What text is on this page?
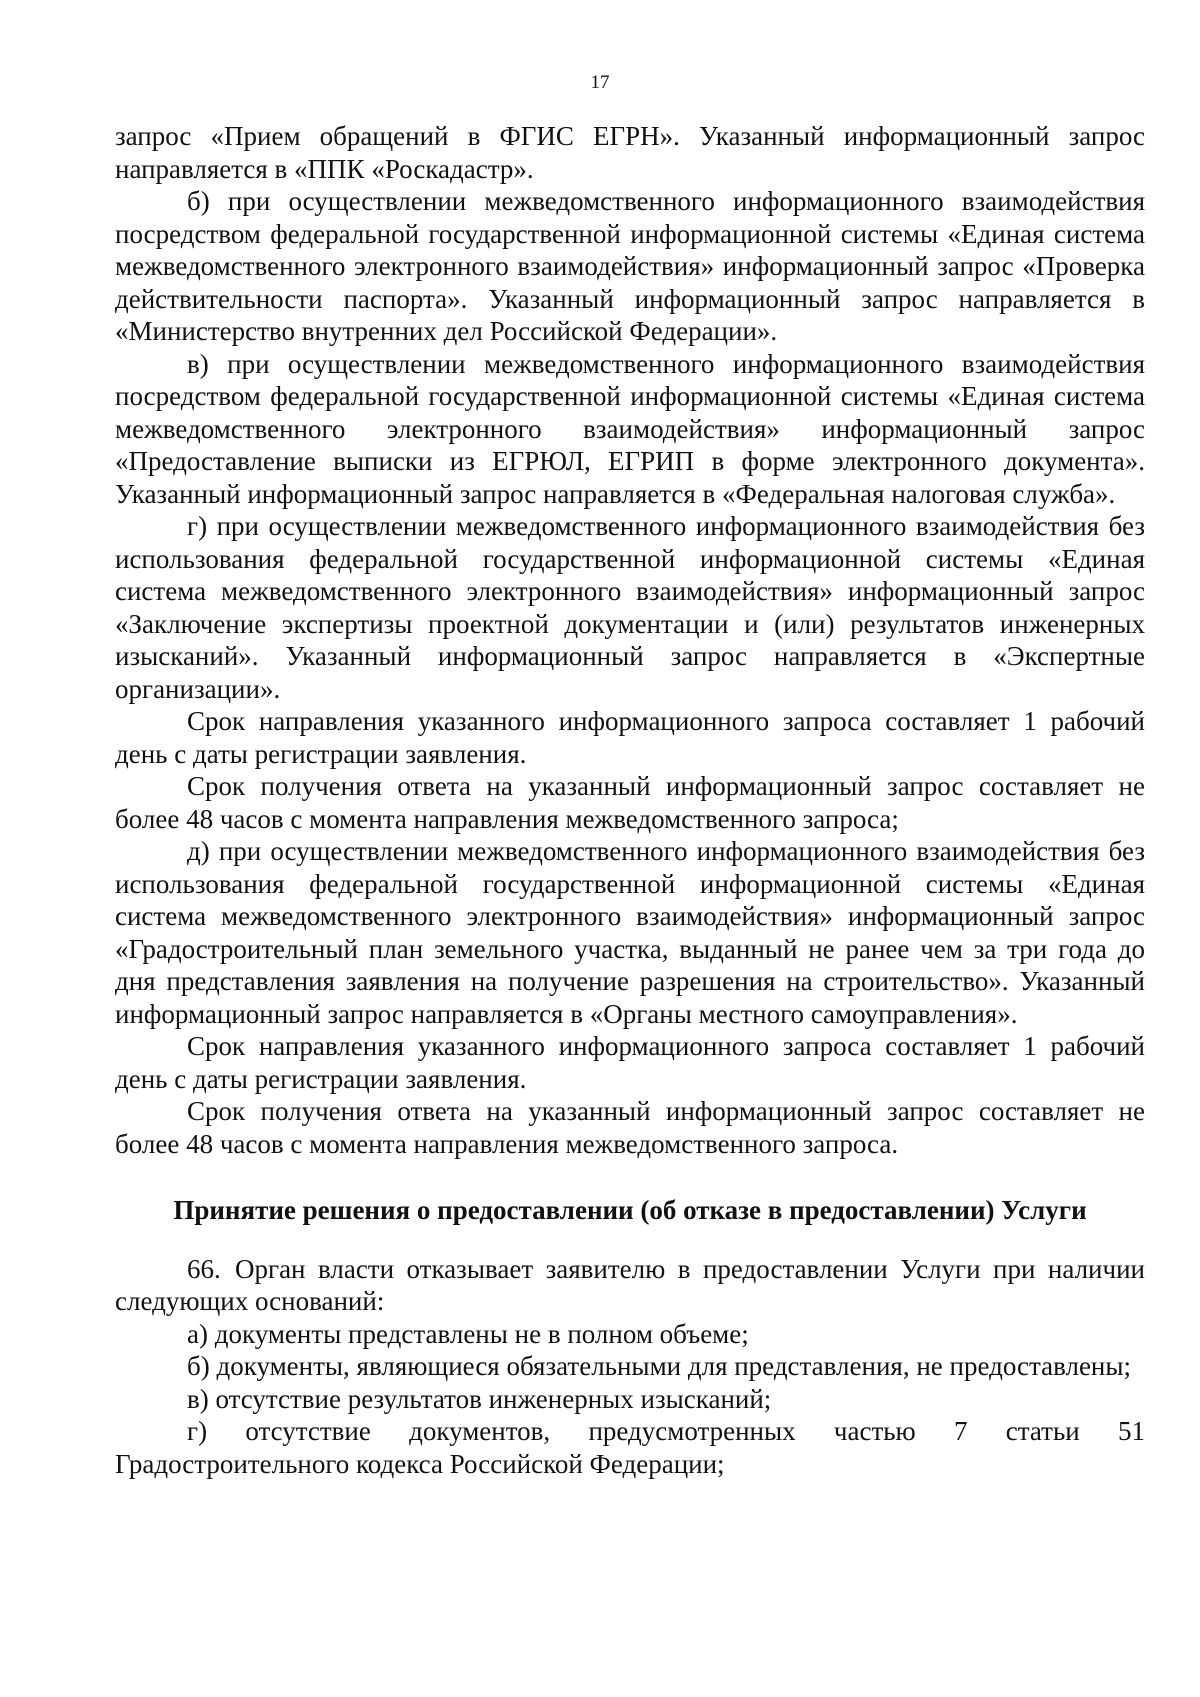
17

запрос «Прием обращений в ФГИС ЕГРН». Указанный информационный запрос направляется в «ППК «Роскадастр».

б) при осуществлении межведомственного информационного взаимодействия посредством федеральной государственной информационной системы «Единая система межведомственного электронного взаимодействия» информационный запрос «Проверка действительности паспорта». Указанный информационный запрос направляется в «Министерство внутренних дел Российской Федерации».

в) при осуществлении межведомственного информационного взаимодействия посредством федеральной государственной информационной системы «Единая система межведомственного электронного взаимодействия» информационный запрос «Предоставление выписки из ЕГРЮЛ, ЕГРИП в форме электронного документа». Указанный информационный запрос направляется в «Федеральная налоговая служба».

г) при осуществлении межведомственного информационного взаимодействия без использования федеральной государственной информационной системы «Единая система межведомственного электронного взаимодействия» информационный запрос «Заключение экспертизы проектной документации и (или) результатов инженерных изысканий». Указанный информационный запрос направляется в «Экспертные организации».

Срок направления указанного информационного запроса составляет 1 рабочий день с даты регистрации заявления.

Срок получения ответа на указанный информационный запрос составляет не более 48 часов с момента направления межведомственного запроса;

д) при осуществлении межведомственного информационного взаимодействия без использования федеральной государственной информационной системы «Единая система межведомственного электронного взаимодействия» информационный запрос «Градостроительный план земельного участка, выданный не ранее чем за три года до дня представления заявления на получение разрешения на строительство». Указанный информационный запрос направляется в «Органы местного самоуправления».

Срок направления указанного информационного запроса составляет 1 рабочий день с даты регистрации заявления.

Срок получения ответа на указанный информационный запрос составляет не более 48 часов с момента направления межведомственного запроса.

Принятие решения о предоставлении (об отказе в предоставлении) Услуги

66. Орган власти отказывает заявителю в предоставлении Услуги при наличии следующих оснований:

а) документы представлены не в полном объеме;

б) документы, являющиеся обязательными для представления, не предоставлены;

в) отсутствие результатов инженерных изысканий;

г) отсутствие документов, предусмотренных частью 7 статьи 51 Градостроительного кодекса Российской Федерации;
